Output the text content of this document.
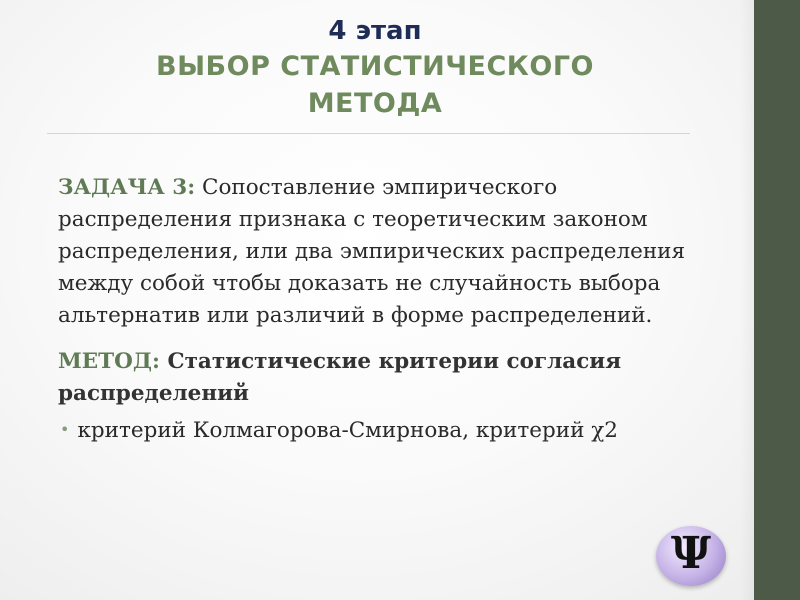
4 этап
ВЫБОР СТАТИСТИЧЕСКОГО
МЕТОДА
ЗАДАЧА 3: Сопоставление эмпирического распределения признака с теоретическим законом распределения, или два эмпирических распределения между собой чтобы доказать не случайность выбора альтернатив или различий в форме распределений.
МЕТОД: Статистические критерии согласия распределений
• критерий Колмагорова-Смирнова, критерий χ2
Ψ
